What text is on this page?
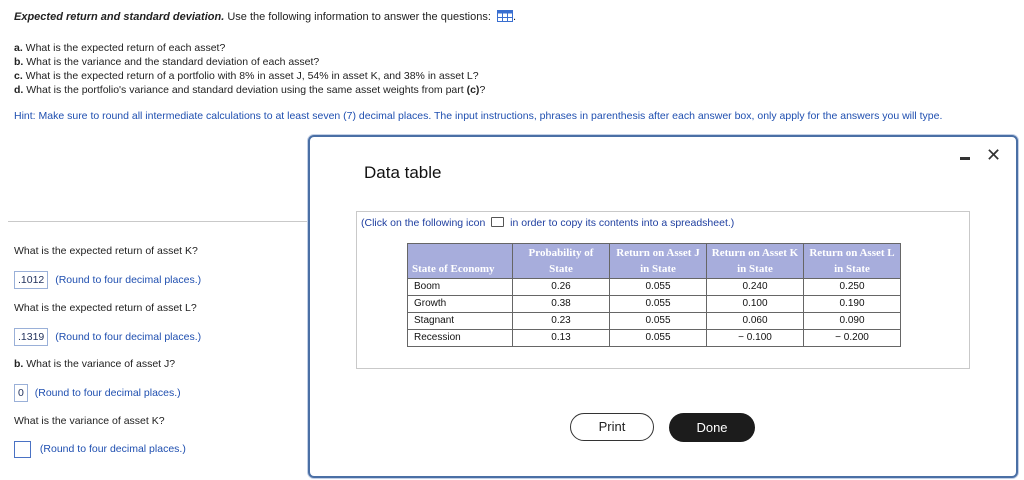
Expected return and standard deviation. Use the following information to answer the questions: .
a. What is the expected return of each asset?
b. What is the variance and the standard deviation of each asset?
c. What is the expected return of a portfolio with 8% in asset J, 54% in asset K, and 38% in asset L?
d. What is the portfolio's variance and standard deviation using the same asset weights from part (c)?
Hint: Make sure to round all intermediate calculations to at least seven (7) decimal places. The input instructions, phrases in parenthesis after each answer box, only apply for the answers you will type.
What is the expected return of asset K?
.1012 (Round to four decimal places.)
What is the expected return of asset L?
.1319 (Round to four decimal places.)
b. What is the variance of asset J?
0 (Round to four decimal places.)
What is the variance of asset K?
(Round to four decimal places.)
Data table
✕
(Click on the following icon  in order to copy its contents into a spreadsheet.)
State of Economy	Probability of State	Return on Asset J in State	Return on Asset K in State	Return on Asset L in State
Boom	0.26	0.055	0.240	0.250
Growth	0.38	0.055	0.100	0.190
Stagnant	0.23	0.055	0.060	0.090
Recession	0.13	0.055	− 0.100	− 0.200
Print	Done
